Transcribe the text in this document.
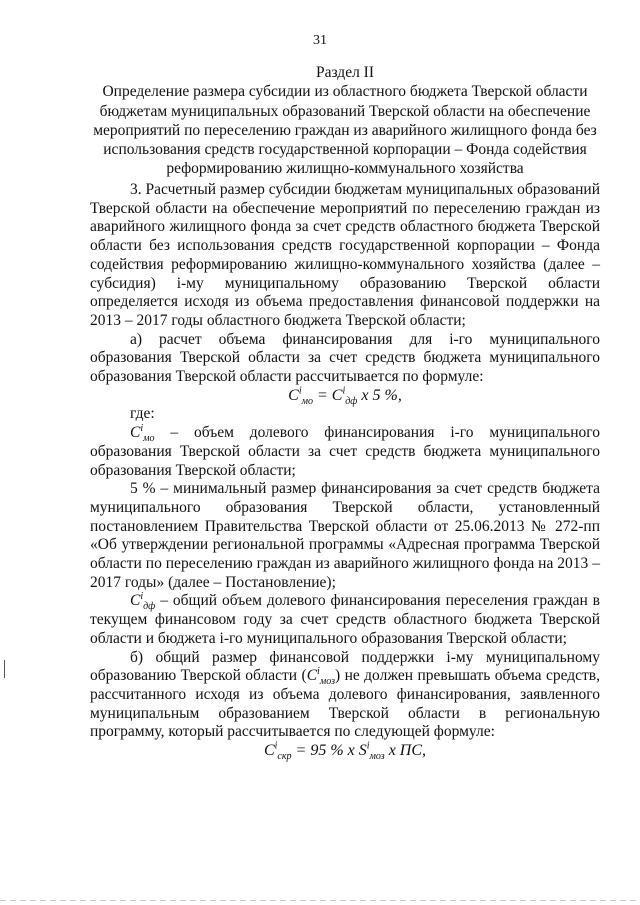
31
Раздел II
Определение размера субсидии из областного бюджета Тверской области бюджетам муниципальных образований Тверской области на обеспечение мероприятий по переселению граждан из аварийного жилищного фонда без использования средств государственной корпорации – Фонда содействия реформированию жилищно-коммунального хозяйства

3. Расчетный размер субсидии бюджетам муниципальных образований Тверской области на обеспечение мероприятий по переселению граждан из аварийного жилищного фонда за счет средств областного бюджета Тверской области без использования средств государственной корпорации – Фонда содействия реформированию жилищно-коммунального хозяйства (далее – субсидия) i-му муниципальному образованию Тверской области определяется исходя из объема предоставления финансовой поддержки на 2013 – 2017 годы областного бюджета Тверской области;

а) расчет объема финансирования для i-го муниципального образования Тверской области за счет средств бюджета муниципального образования Тверской области рассчитывается по формуле:

$C^i_{мо} = C^i_{дф}$ x 5 %,

где:

$C^i_{мо}$ – объем долевого финансирования i-го муниципального образования Тверской области за счет средств бюджета муниципального образования Тверской области;

5 % – минимальный размер финансирования за счет средств бюджета муниципального образования Тверской области, установленный постановлением Правительства Тверской области от 25.06.2013 № 272-пп «Об утверждении региональной программы «Адресная программа Тверской области по переселению граждан из аварийного жилищного фонда на 2013 – 2017 годы» (далее – Постановление);

$C^i_{дф}$ – общий объем долевого финансирования переселения граждан в текущем финансовом году за счет средств областного бюджета Тверской области и бюджета i-го муниципального образования Тверской области;

б) общий размер финансовой поддержки i-му муниципальному образованию Тверской области $(C^i_{моз})$ не должен превышать объема средств, рассчитанного исходя из объема долевого финансирования, заявленного муниципальным образованием Тверской области в региональную программу, который рассчитывается по следующей формуле:

$C^i_{скр} = 95$ % x $S^i_{моз}$ x ПС,
